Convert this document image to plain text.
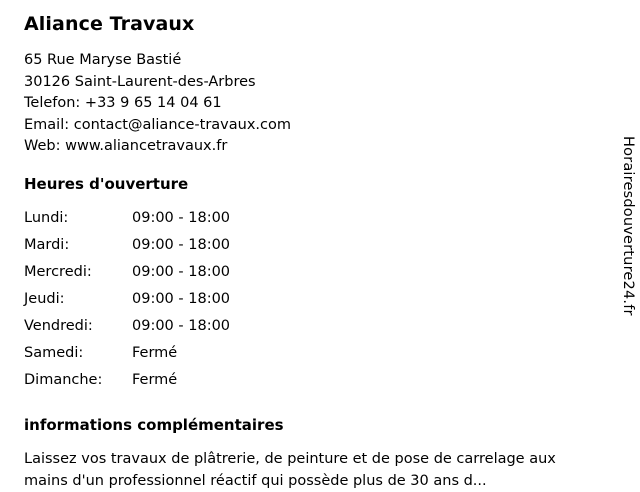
Aliance Travaux
65 Rue Maryse Bastié
30126 Saint-Laurent-des-Arbres
Telefon: +33 9 65 14 04 61
Email: contact@aliance-travaux.com
Web: www.aliancetravaux.fr
Heures d'ouverture
Lundi:	09:00 - 18:00
Mardi:	09:00 - 18:00
Mercredi:	09:00 - 18:00
Jeudi:	09:00 - 18:00
Vendredi:	09:00 - 18:00
Samedi:	Fermé
Dimanche:	Fermé
informations complémentaires
Laissez vos travaux de plâtrerie, de peinture et de pose de carrelage aux mains d'un professionnel réactif qui possède plus de 30 ans d...
Horairesdouverture24.fr
